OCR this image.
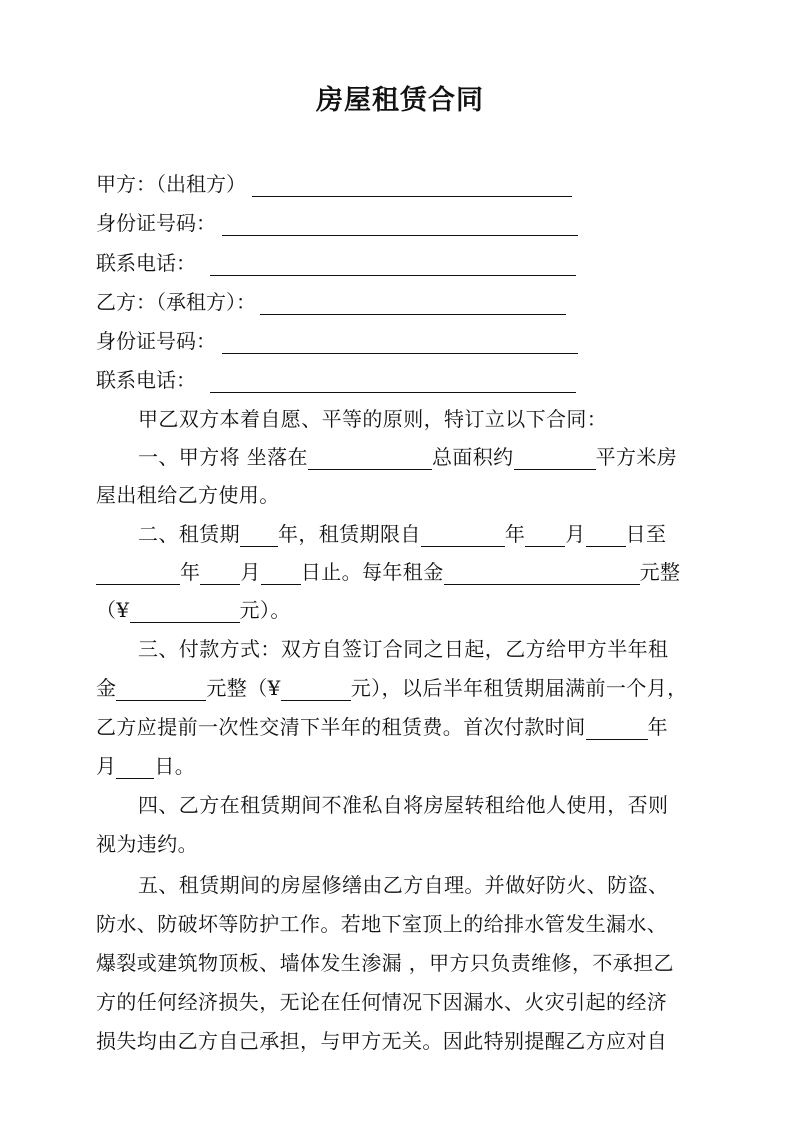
房屋租赁合同
甲方：（出租方）
身份证号码：
联系电话：
乙方：（承租方）：
身份证号码：
联系电话：
甲乙双方本着自愿、平等的原则，特订立以下合同：
一、甲方将 坐落在	总面积约	平方米房
屋出租给乙方使用。
二、租赁期 年，租赁期限自	年 月 日至
年 月 日止。每年租金	元整
（¥	元）。
三、付款方式：双方自签订合同之日起，乙方给甲方半年租
金	元整（¥	元），以后半年租赁期届满前一个月，
乙方应提前一次性交清下半年的租赁费。首次付款时间	年
月 日。
四、乙方在租赁期间不准私自将房屋转租给他人使用，否则
视为违约。
五、租赁期间的房屋修缮由乙方自理。并做好防火、防盗、
防水、防破坏等防护工作。若地下室顶上的给排水管发生漏水、
爆裂或建筑物顶板、墙体发生渗漏 ，甲方只负责维修，不承担乙
方的任何经济损失，无论在任何情况下因漏水、火灾引起的经济
损失均由乙方自己承担，与甲方无关。因此特别提醒乙方应对自
